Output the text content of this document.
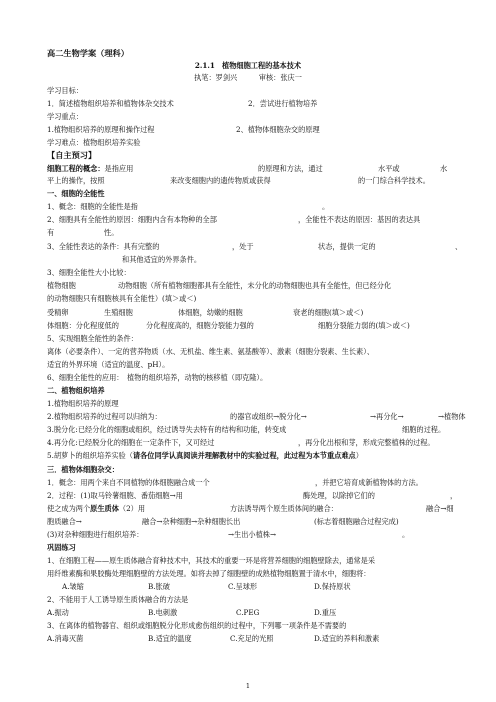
高二生物学案（理科）
2.1.1　植物细胞工程的基本技术
执笔：罗剑兴　　　审核：张庆一
学习目标：
1．简述植物组织培养和植物体杂交技术	2．尝试进行植物培养
学习重点：
1.植物组织培养的原理和操作过程	2、植物体细胞杂交的原理
学习难点：植物组织培养实验
【自主预习】
细胞工程的概念：是指应用	的原理和方法，通过	水平或	水
平上的操作，按照	来改变细胞内的遗传物质或获得	的一门综合科学技术。
一、细胞的全能性
1、概念：细胞的全能性是指	。
2、细胞具有全能性的原因：细胞内含有本物种的全部	，全能性不表达的原因：基因的表达具
有	性。
3、全能性表达的条件：具有完整的	，处于	状态，提供一定的	、
和其他适宜的外界条件。
3、细胞全能性大小比较：
植物细胞	动物细胞（所有植物细胞都具有全能性，未分化的动物细胞也具有全能性，但已经分化
的动物细胞只有细胞核具有全能性）(填＞或＜)
受精卵	生殖细胞	体细胞，幼嫩的细胞	衰老的细胞(填＞或＜)
体细胞：分化程度低的	分化程度高的，细胞分裂能力强的	细胞分裂能力弱的(填＞或＜)
5、实现细胞全能性的条件：
离体（必要条件）、一定的营养物质（水、无机盐、维生素、氨基酸等）、激素（细胞分裂素、生长素）、
适宜的外界环境（适宜的温度、pH）。
6、细胞全能性的应用：　植物的组织培养，动物的核移植（即克隆）。
二、植物组织培养
1.植物组织培养的原理
2.植物组织培养的过程可以归纳为：	的器官或组织→脱分化→	→再分化→	→植物体
3.脱分化:已经分化的细胞或组织，经过诱导失去特有的结构和功能，转变成	细胞的过程。
4.再分化:已经脱分化的细胞在一定条件下，又可经过	，再分化出根和芽，形成完整植株的过程。
5.胡萝卜的组织培养实验（请各位同学认真阅读并理解教材中的实验过程，此过程为本节重点难点）
三．植物体细胞杂交：
1．概念：用两个来自不同植物的体细胞融合成一个	，并把它培育成新植物体的方法。
2．过程：(1)取马铃薯细胞、番茄细胞→用	酶处理，以除掉它们的	，
使之成为两个原生质体（2）用	方法诱导两个原生质体间的融合：	融合→细
胞质融合→	融合→杂种细胞→杂种细胞长出	(标志着细胞融合过程完成)
(3)对杂种细胞进行组织培养：	→生出小植株→	。
巩固练习
1、在细胞工程——原生质体融合育种技术中，其技术的重要一环是将营养细胞的细胞壁除去，通常是采
用纤维素酶和果胶酶处理细胞壁的方法处理。如将去掉了细胞壁的成熟植物细胞置于清水中，细胞将：
A.皱缩	B.胀破	C.呈球形	D.保持原状
2、不能用于人工诱导原生质体融合的方法是
A.振动	B.电刺激	C.PEG	D.重压
3、在离体的植物器官、组织或细胞脱分化形成愈伤组织的过程中，下列哪一项条件是不需要的
A.消毒灭菌	B.适宜的温度	C.充足的光照	D.适宜的养料和激素
1
